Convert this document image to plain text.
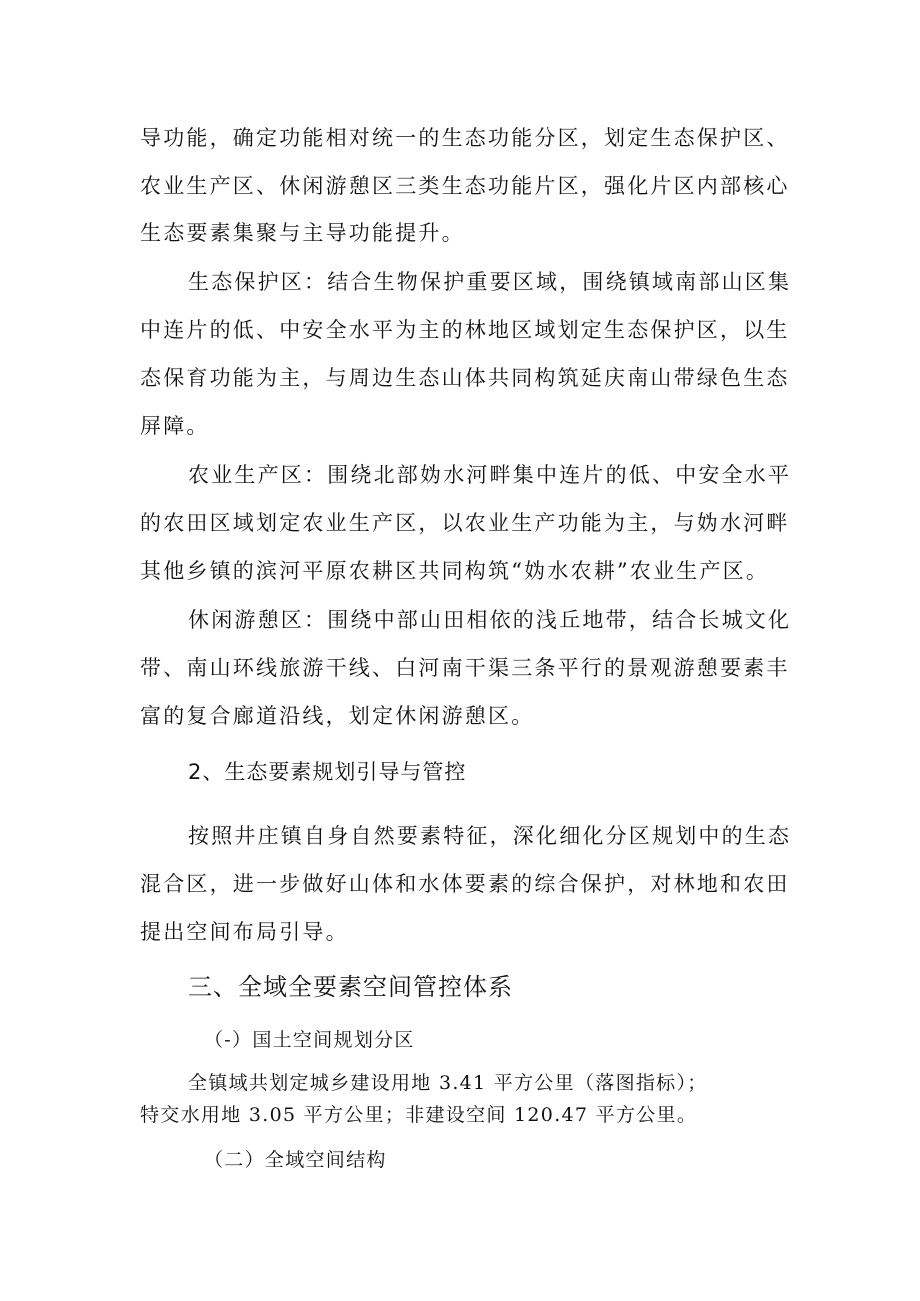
导功能，确定功能相对统一的生态功能分区，划定生态保护区、

农业生产区、休闲游憩区三类生态功能片区，强化片区内部核心

生态要素集聚与主导功能提升。

生态保护区：结合生物保护重要区域，围绕镇域南部山区集

中连片的低、中安全水平为主的林地区域划定生态保护区，以生

态保育功能为主，与周边生态山体共同构筑延庆南山带绿色生态

屏障。

农业生产区：围绕北部妫水河畔集中连片的低、中安全水平

的农田区域划定农业生产区，以农业生产功能为主，与妫水河畔

其他乡镇的滨河平原农耕区共同构筑“妫水农耕”农业生产区。

休闲游憩区：围绕中部山田相依的浅丘地带，结合长城文化

带、南山环线旅游干线、白河南干渠三条平行的景观游憩要素丰

富的复合廊道沿线，划定休闲游憩区。

2、生态要素规划引导与管控

按照井庄镇自身自然要素特征，深化细化分区规划中的生态

混合区，进一步做好山体和水体要素的综合保护，对林地和农田

提出空间布局引导。

三、全域全要素空间管控体系

（-）国土空间规划分区

全镇域共划定城乡建设用地 3.41 平方公里（落图指标）；

特交水用地 3.05 平方公里；非建设空间 120.47 平方公里。

（二）全域空间结构
